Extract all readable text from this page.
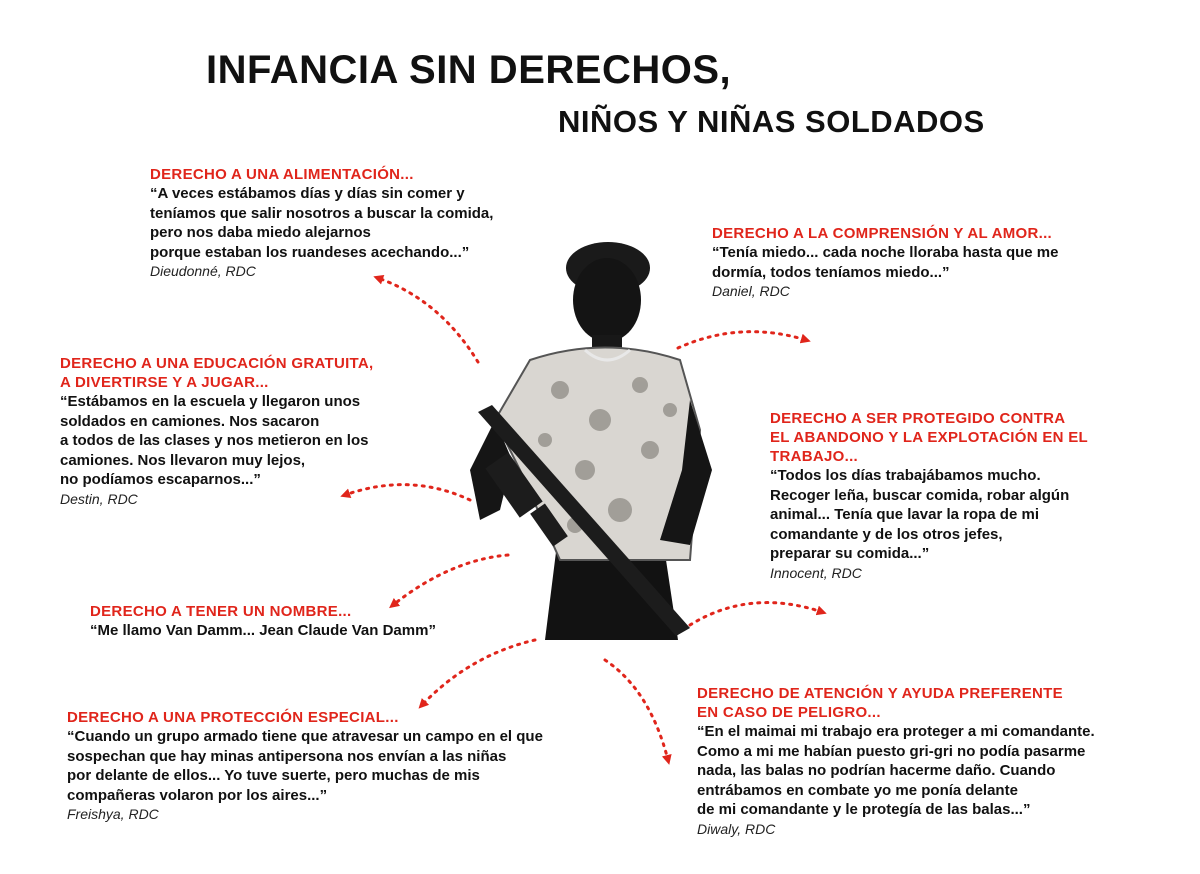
INFANCIA SIN DERECHOS,
NIÑOS Y NIÑAS SOLDADOS
DERECHO A UNA ALIMENTACIÓN...
“A veces estábamos días y días sin comer y
teníamos que salir nosotros a buscar la comida,
pero nos daba miedo alejarnos
porque estaban los ruandeses acechando...”
Dieudonné, RDC
DERECHO A LA COMPRENSIÓN Y AL AMOR...
“Tenía miedo... cada noche lloraba hasta que me
dormía, todos teníamos miedo...”
Daniel, RDC
DERECHO A UNA EDUCACIÓN GRATUITA,
A DIVERTIRSE Y A JUGAR...
“Estábamos en la escuela y llegaron unos
soldados en camiones. Nos sacaron
a todos de las clases y nos metieron en los
camiones. Nos llevaron muy lejos,
no podíamos escaparnos...”
Destin, RDC
DERECHO A SER PROTEGIDO CONTRA
EL ABANDONO Y LA EXPLOTACIÓN EN EL
TRABAJO...
“Todos los días trabajábamos mucho.
Recoger leña, buscar comida, robar algún
animal... Tenía que lavar la ropa de mi
comandante y de los otros jefes,
preparar su comida...”
Innocent, RDC
DERECHO A TENER UN NOMBRE...
“Me llamo Van Damm... Jean Claude Van Damm”
DERECHO A UNA PROTECCIÓN ESPECIAL...
“Cuando un grupo armado tiene que atravesar un campo en el que
sospechan que hay minas antipersona nos envían a las niñas
por delante de ellos... Yo tuve suerte, pero muchas de mis
compañeras volaron por los aires...”
Freishya, RDC
DERECHO DE ATENCIÓN Y AYUDA PREFERENTE
EN CASO DE PELIGRO...
“En el maimai mi trabajo era proteger a mi comandante.
Como a mi me habían puesto gri-gri no podía pasarme
nada, las balas no podrían hacerme daño. Cuando
entrábamos en combate yo me ponía delante
de mi comandante y le protegía de las balas...”
Diwaly, RDC
